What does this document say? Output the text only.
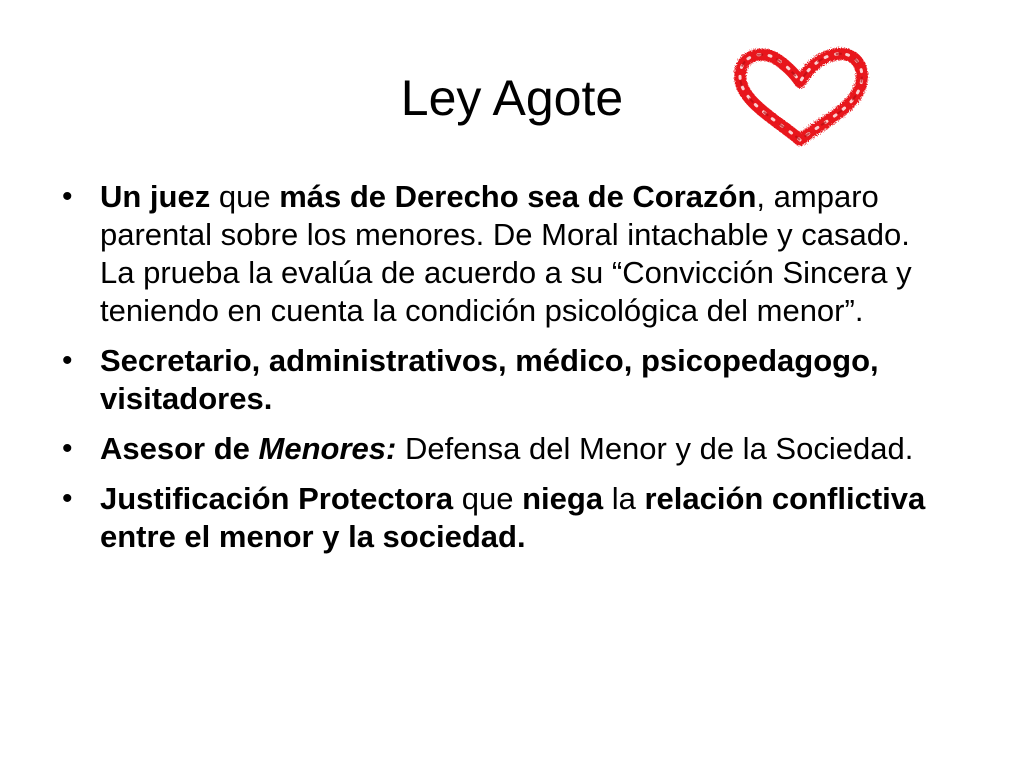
Ley Agote
• Un juez que más de Derecho sea de Corazón, amparo parental sobre los menores. De Moral intachable y casado. La prueba la evalúa de acuerdo a su “Convicción Sincera y teniendo en cuenta la condición psicológica del menor”.
• Secretario, administrativos, médico, psicopedagogo, visitadores.
• Asesor de Menores: Defensa del Menor y de la Sociedad.
• Justificación Protectora que niega la relación conflictiva entre el menor y la sociedad.
